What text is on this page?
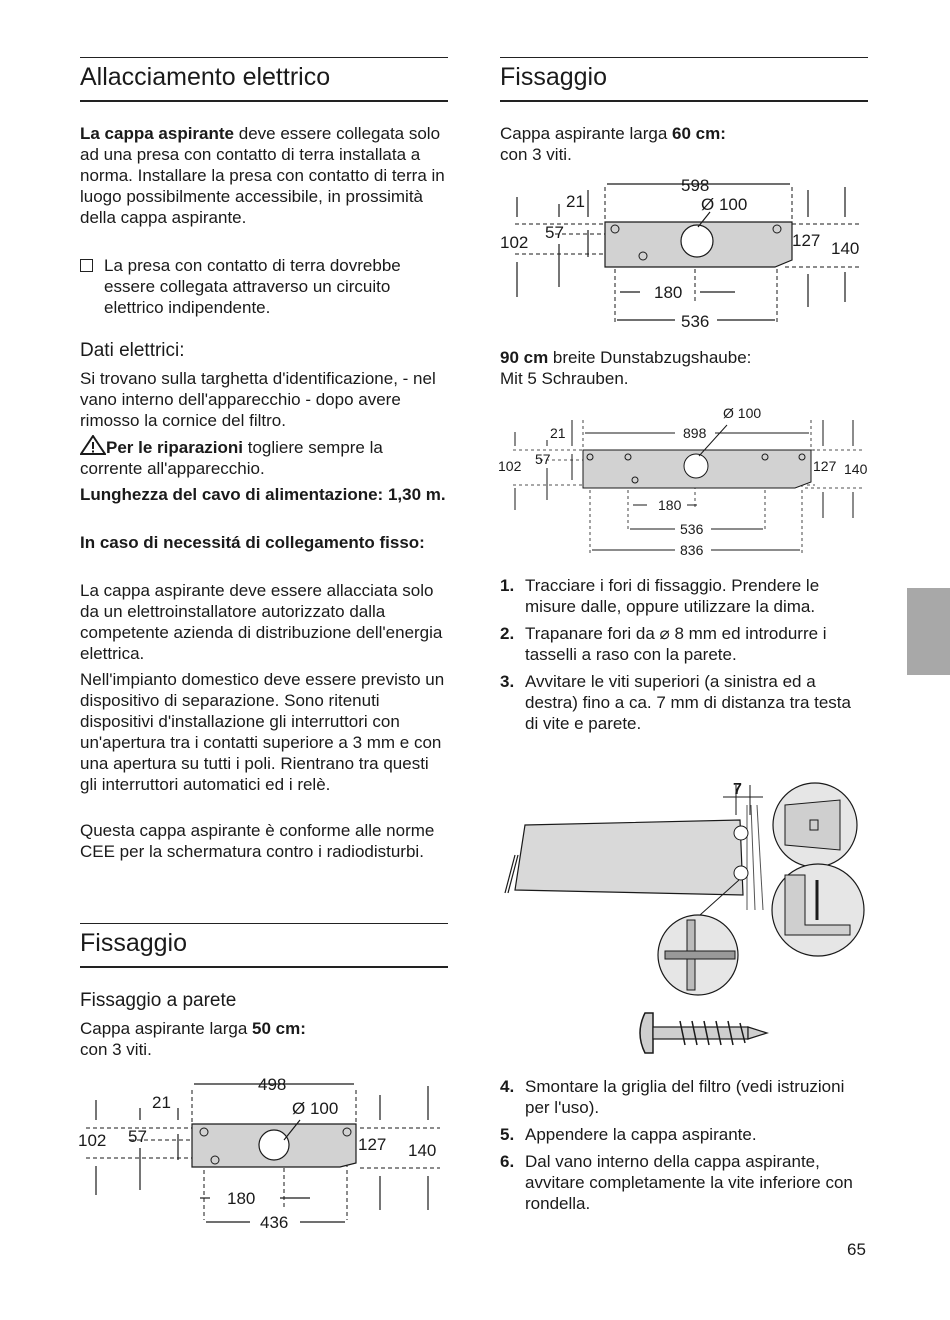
Allacciamento elettrico

La cappa aspirante deve essere collegata solo ad una presa con contatto di terra installata a norma. Installare la presa con contatto di terra in luogo possibilmente accessibile, in prossimità della cappa aspirante.

La presa con contatto di terra dovrebbe essere collegata attraverso un circuito elettrico indipendente.

Dati elettrici:

Si trovano sulla targhetta d'identificazione, - nel vano interno dell'apparecchio - dopo avere rimosso la cornice del filtro.

Per le riparazioni togliere sempre la corrente all'apparecchio.

Lunghezza del cavo di alimentazione: 1,30 m.

In caso di necessitá di collegamento fisso:

La cappa aspirante deve essere allacciata solo da un elettroinstallatore autorizzato dalla competente azienda di distribuzione dell'energia elettrica.

Nell'impianto domestico deve essere previsto un dispositivo di separazione. Sono ritenuti dispositivi d'installazione gli interruttori con un'apertura tra i contatti superiore a 3 mm e con una apertura su tutti i poli. Rientrano tra questi gli interruttori automatici ed i relè.

Questa cappa aspirante è conforme alle norme CEE per la schermatura contro i radiodisturbi.

Fissaggio
Fissaggio a parete

Cappa aspirante larga 50 cm:

con 3 viti.

498
Ø 100
21
57
102	127 140
180
436
Fissaggio

Cappa aspirante larga 60 cm:

con 3 viti.

90 cm breite Dunstabzugshaube:

Mit 5 Schrauben.

1. Tracciare i fori di fissaggio. Prendere le misure dalle, oppure utilizzare la dima.
2. Trapanare fori da ⌀ 8 mm ed introdurre i tasselli a raso con la parete.
3. Avvitare le viti superiori (a sinistra ed a destra) fino a ca. 7 mm di distanza tra testa di vite e parete.
4. Smontare la griglia del filtro (vedi istruzioni per l'uso).
5. Appendere la cappa aspirante.
6. Dal vano interno della cappa aspirante, avvitare completamente la vite inferiore con rondella.
598
Ø 100
21
57
102	127 140
180
536
Ø 100
898
21
57
102	127 140
180
536
836
7
65
